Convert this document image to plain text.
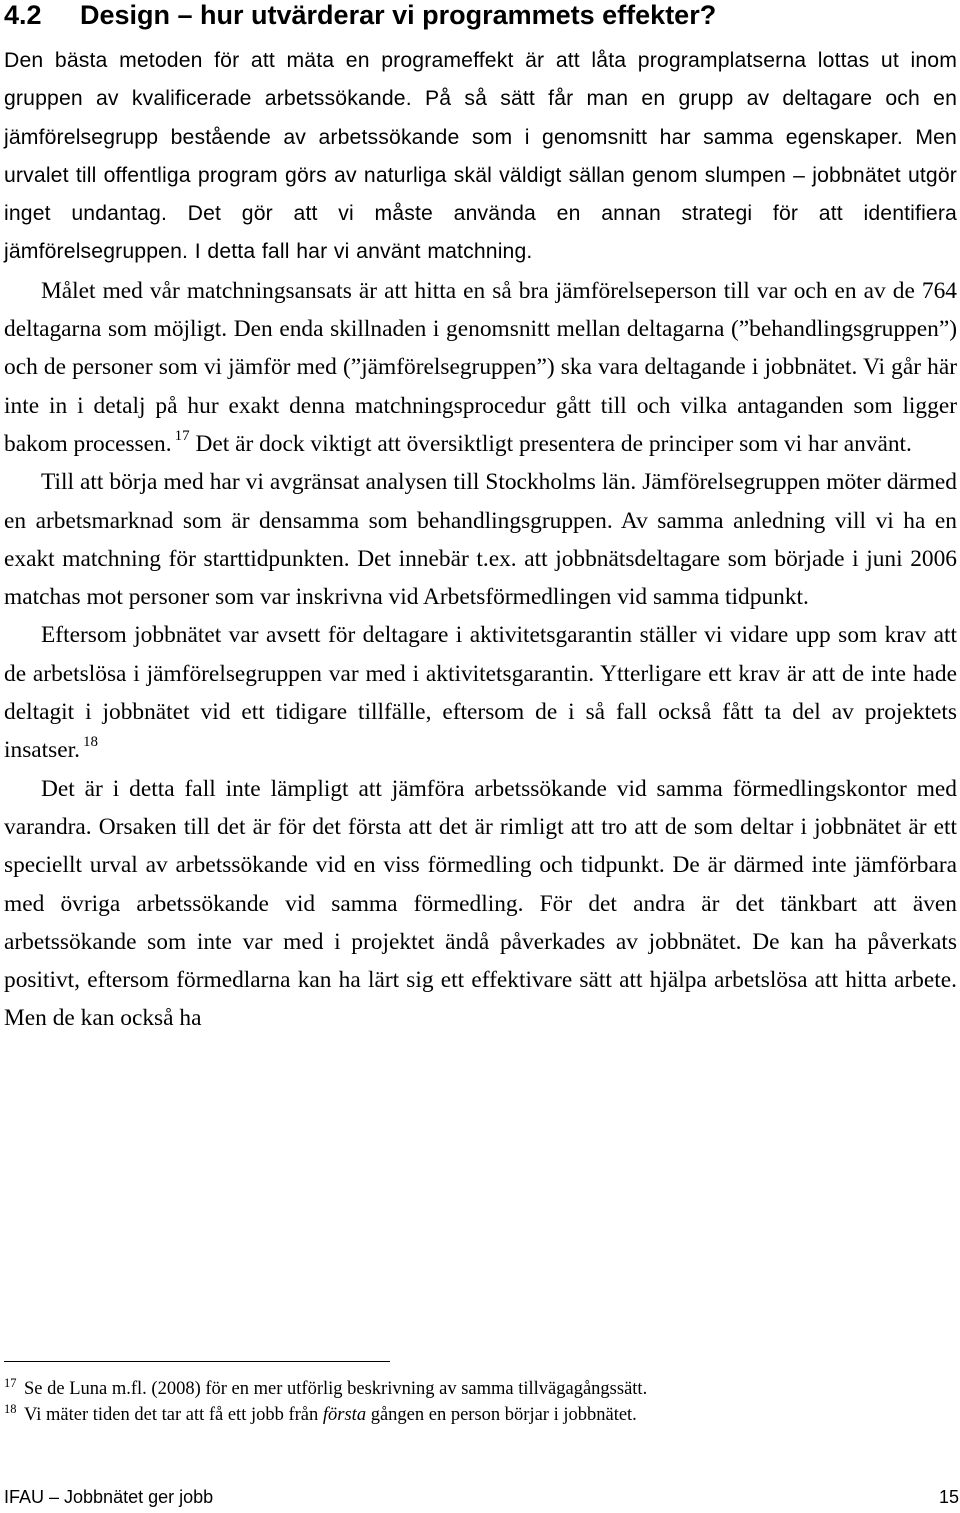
4.2 Design – hur utvärderar vi programmets effekter?

Den bästa metoden för att mäta en programeffekt är att låta programplatserna lottas ut inom gruppen av kvalificerade arbetssökande. På så sätt får man en grupp av deltagare och en jämförelsegrupp bestående av arbetssökande som i genomsnitt har samma egenskaper. Men urvalet till offentliga program görs av naturliga skäl väldigt sällan genom slumpen – jobbnätet utgör inget undantag. Det gör att vi måste använda en annan strategi för att identifiera jämförelsegruppen. I detta fall har vi använt matchning.

Målet med vår matchningsansats är att hitta en så bra jämförelseperson till var och en av de 764 deltagarna som möjligt. Den enda skillnaden i genomsnitt mellan deltagarna (”behandlingsgruppen”) och de personer som vi jämför med (”jämförelsegruppen”) ska vara deltagande i jobbnätet. Vi går här inte in i detalj på hur exakt denna matchningsprocedur gått till och vilka antaganden som ligger bakom processen. $^{17}$ Det är dock viktigt att översiktligt presentera de principer som vi har använt.

Till att börja med har vi avgränsat analysen till Stockholms län. Jämförelsegruppen möter därmed en arbetsmarknad som är densamma som behandlingsgruppen. Av samma anledning vill vi ha en exakt matchning för starttidpunkten. Det innebär t.ex. att jobbnätsdeltagare som började i juni 2006 matchas mot personer som var inskrivna vid Arbetsförmedlingen vid samma tidpunkt.

Eftersom jobbnätet var avsett för deltagare i aktivitetsgarantin ställer vi vidare upp som krav att de arbetslösa i jämförelsegruppen var med i aktivitetsgarantin. Ytterligare ett krav är att de inte hade deltagit i jobbnätet vid ett tidigare tillfälle, eftersom de i så fall också fått ta del av projektets insatser. $^{18}$

Det är i detta fall inte lämpligt att jämföra arbetssökande vid samma förmedlingskontor med varandra. Orsaken till det är för det första att det är rimligt att tro att de som deltar i jobbnätet är ett speciellt urval av arbetssökande vid en viss förmedling och tidpunkt. De är därmed inte jämförbara med övriga arbetssökande vid samma förmedling. För det andra är det tänkbart att även arbetssökande som inte var med i projektet ändå påverkades av jobbnätet. De kan ha påverkats positivt, eftersom förmedlarna kan ha lärt sig ett effektivare sätt att hjälpa arbetslösa att hitta arbete. Men de kan också ha

17 Se de Luna m.fl. (2008) för en mer utförlig beskrivning av samma tillvägagångssätt.

18 Vi mäter tiden det tar att få ett jobb från första gången en person börjar i jobbnätet.

IFAU – Jobbnätet ger jobb	15
